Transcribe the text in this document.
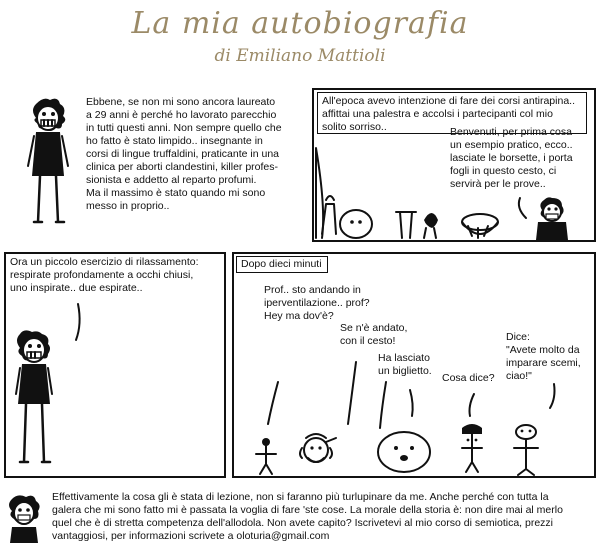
La mia autobiografia
di Emiliano Mattioli
Ebbene, se non mi sono ancora laureato
a 29 anni è perché ho lavorato parecchio
in tutti questi anni. Non sempre quello che
ho fatto è stato limpido.. insegnante in
corsi di lingue truffaldini, praticante in una
clinica per aborti clandestini, killer profes-
sionista e addetto al reparto profumi.
Ma il massimo è stato quando mi sono
messo in proprio..
All'epoca avevo intenzione di fare dei corsi antirapina..
affittai una palestra e accolsi i partecipanti col mio
solito sorriso..	Benvenuti, per prima cosa
un esempio pratico, ecco..
lasciate le borsette, i porta
fogli in questo cesto, ci
servirà per le prove..
Ora un piccolo esercizio di rilassamento:
respirate profondamente a occhi chiusi,
uno inspirate.. due espirate..
Dopo dieci minuti
Prof.. sto andando in
iperventilazione.. prof?
Hey ma dov'è?
Se n'è andato,
con il cesto!
Ha lasciato
un biglietto.
Cosa dice?
Dice:
"Avete molto da
imparare scemi,
ciao!"
Effettivamente la cosa gli è stata di lezione, non si faranno più turlupinare da me. Anche perché con tutta la
galera che mi sono fatto mi è passata la voglia di fare 'ste cose. La morale della storia è: non dire mai al merlo
quel che è di stretta competenza dell'allodola. Non avete capito? Iscrivetevi al mio corso di semiotica, prezzi
vantaggiosi, per informazioni scrivete a oloturia@gmail.com
